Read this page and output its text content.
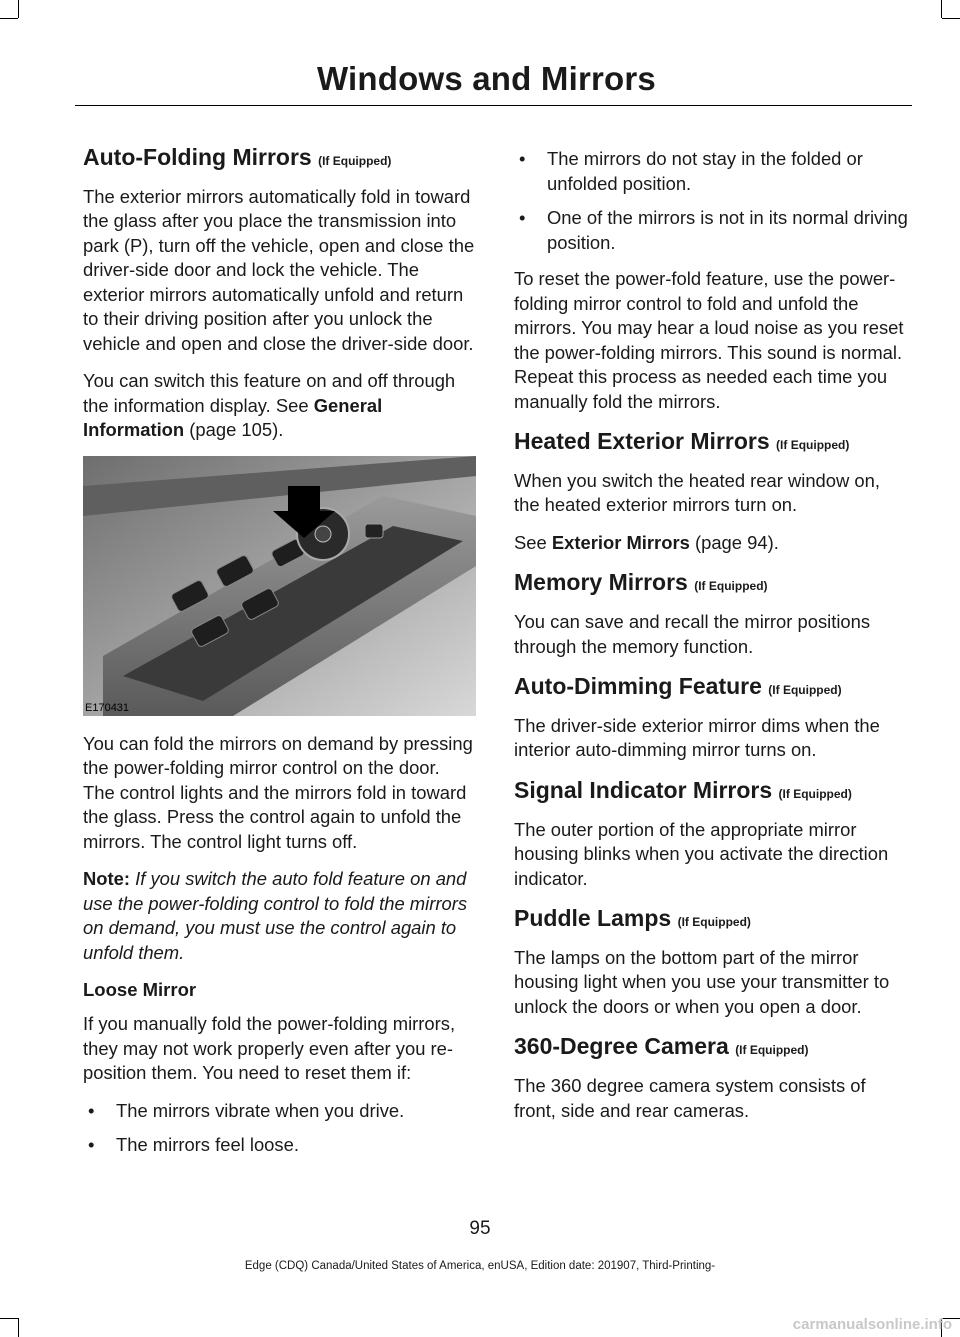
Windows and Mirrors
Auto-Folding Mirrors (If Equipped)

The exterior mirrors automatically fold in toward the glass after you place the transmission into park (P), turn off the vehicle, open and close the driver-side door and lock the vehicle. The exterior mirrors automatically unfold and return to their driving position after you unlock the vehicle and open and close the driver-side door.

You can switch this feature on and off through the information display. See General Information (page 105).

E170431

You can fold the mirrors on demand by pressing the power-folding mirror control on the door. The control lights and the mirrors fold in toward the glass. Press the control again to unfold the mirrors. The control light turns off.

Note: If you switch the auto fold feature on and use the power-folding control to fold the mirrors on demand, you must use the control again to unfold them.

Loose Mirror

If you manually fold the power-folding mirrors, they may not work properly even after you re-position them. You need to reset them if:

• The mirrors vibrate when you drive.
• The mirrors feel loose.
• The mirrors do not stay in the folded or unfolded position.
• One of the mirrors is not in its normal driving position.

To reset the power-fold feature, use the power-folding mirror control to fold and unfold the mirrors. You may hear a loud noise as you reset the power-folding mirrors. This sound is normal. Repeat this process as needed each time you manually fold the mirrors.

Heated Exterior Mirrors (If Equipped)

When you switch the heated rear window on, the heated exterior mirrors turn on.

See Exterior Mirrors (page 94).

Memory Mirrors (If Equipped)

You can save and recall the mirror positions through the memory function.

Auto-Dimming Feature (If Equipped)

The driver-side exterior mirror dims when the interior auto-dimming mirror turns on.

Signal Indicator Mirrors (If Equipped)

The outer portion of the appropriate mirror housing blinks when you activate the direction indicator.

Puddle Lamps (If Equipped)

The lamps on the bottom part of the mirror housing light when you use your transmitter to unlock the doors or when you open a door.

360-Degree Camera (If Equipped)

The 360 degree camera system consists of front, side and rear cameras.

95
Edge (CDQ) Canada/United States of America, enUSA, Edition date: 201907, Third-Printing-
carmanualsonline.info
